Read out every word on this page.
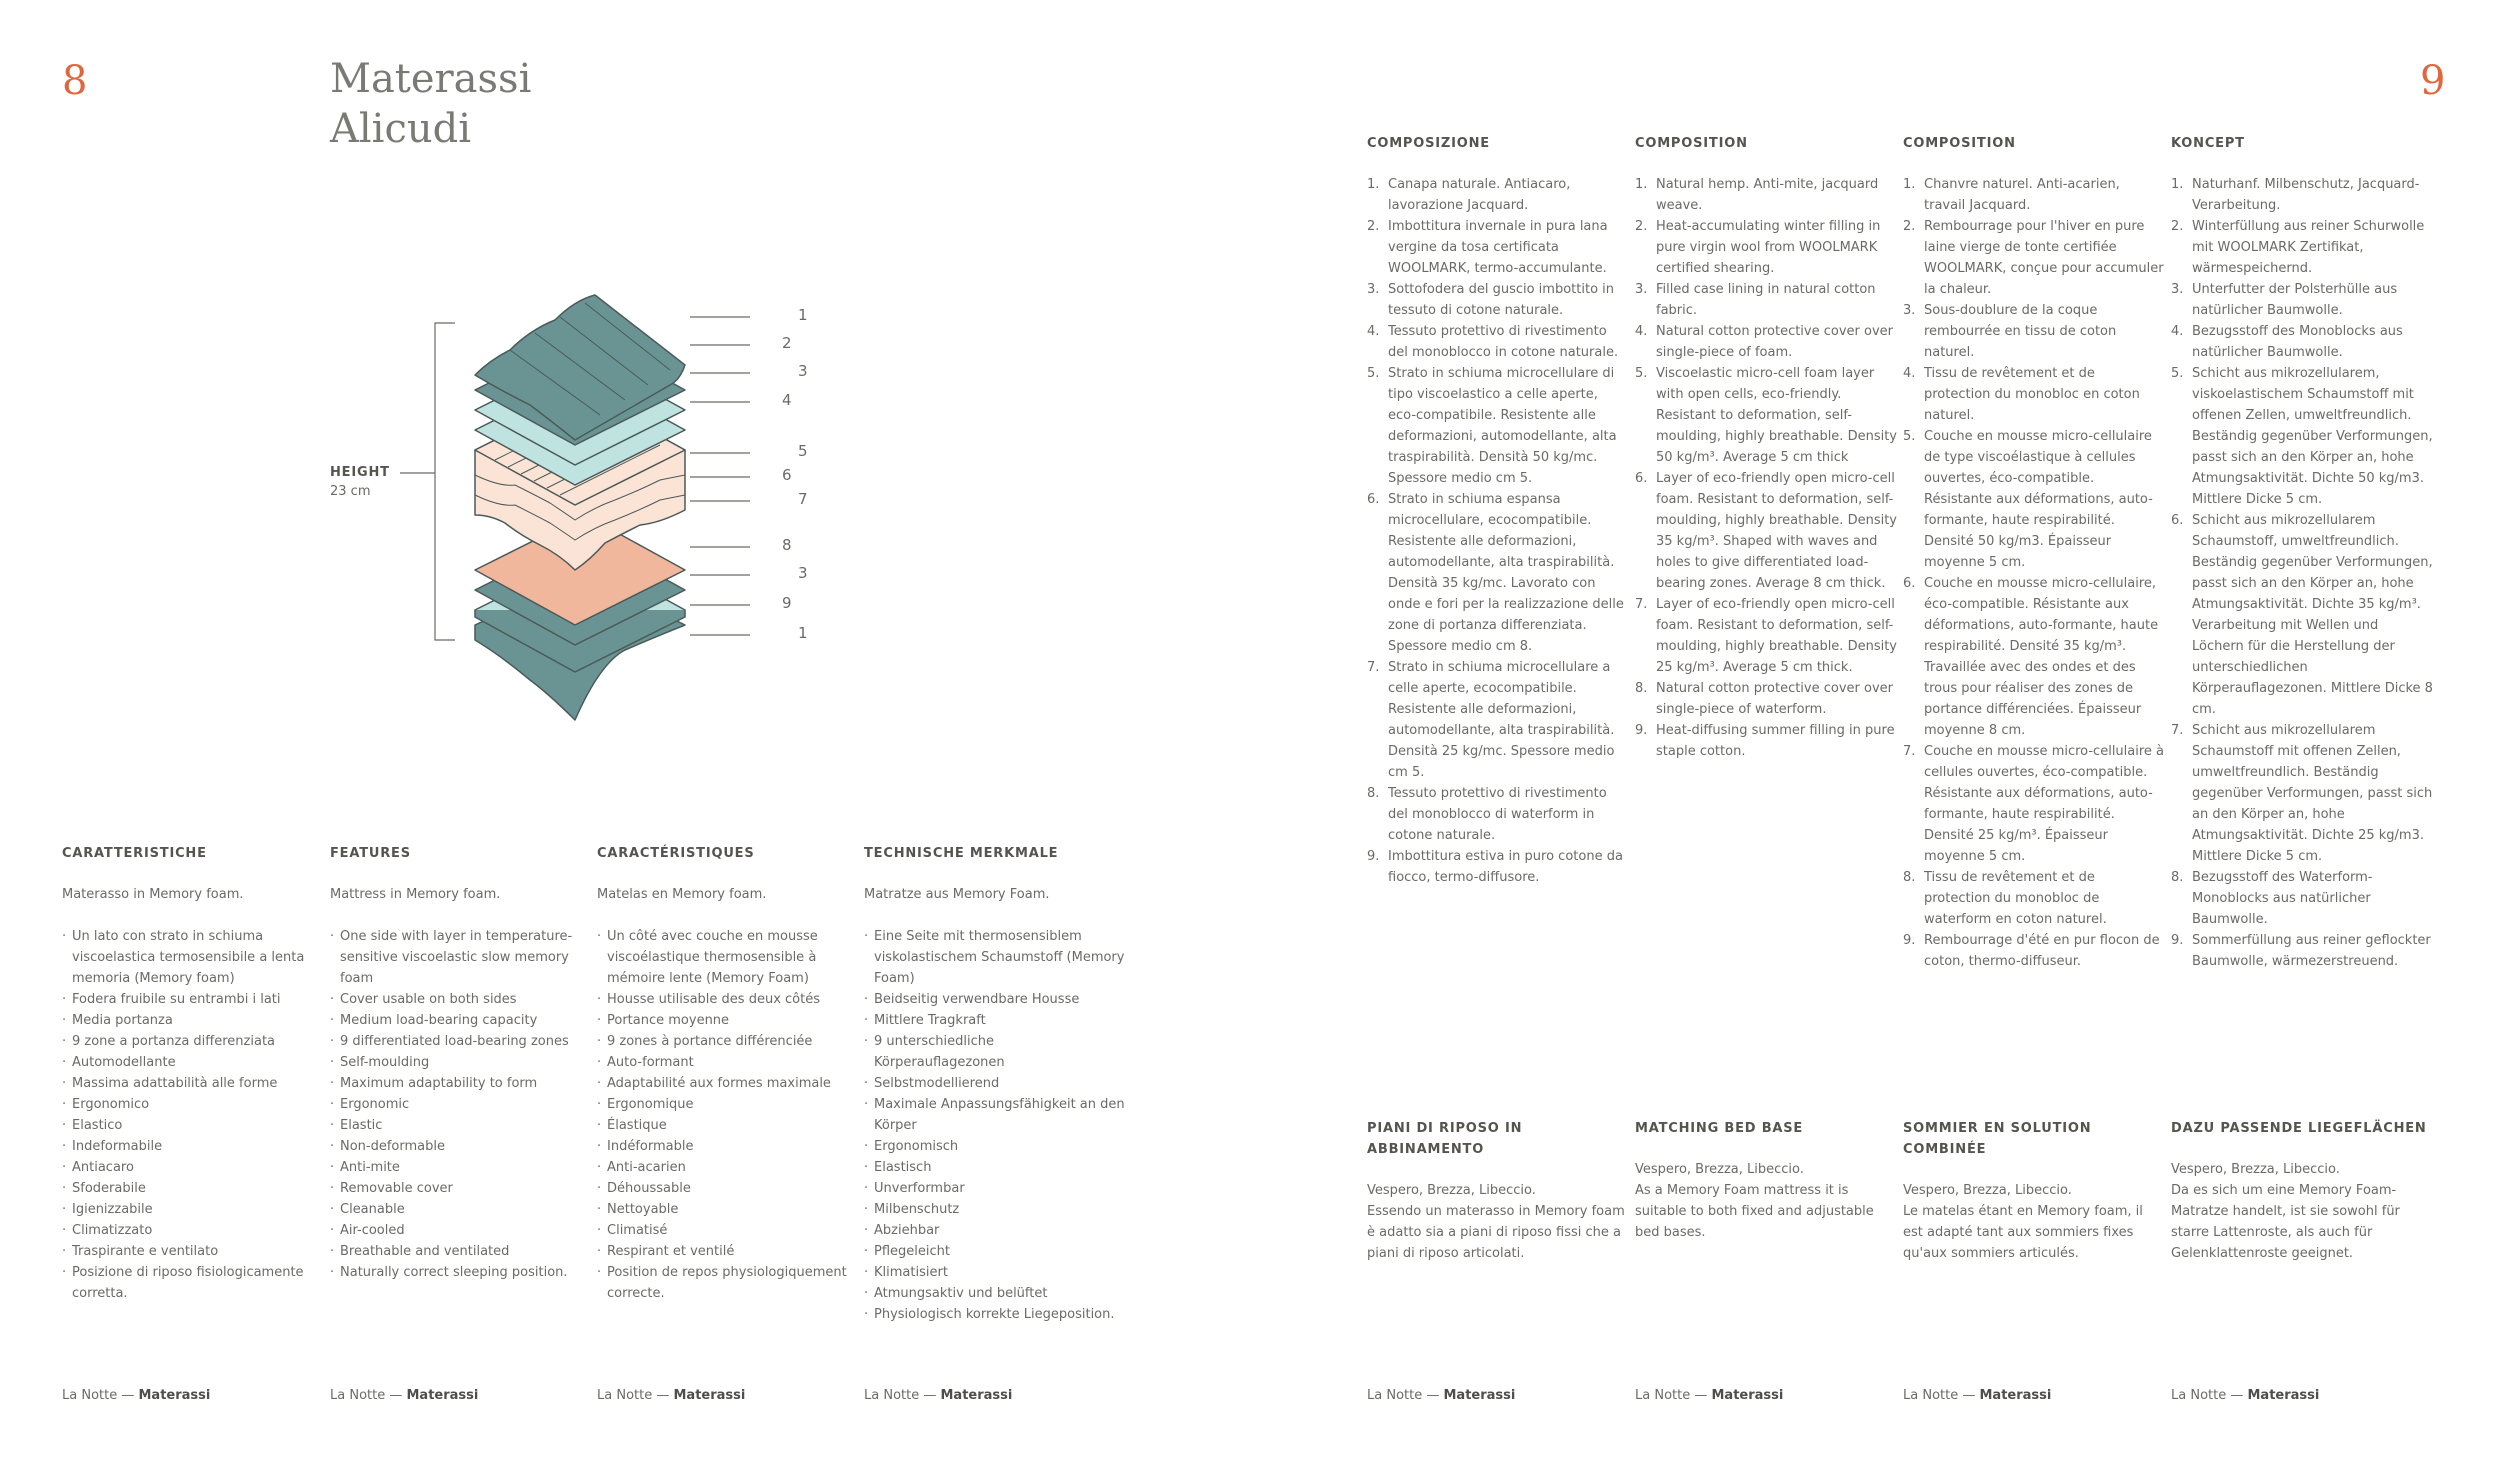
8	9
Materassi
Alicudi
HEIGHT
23 cm
1
2
3
4
5
6
7
8
3
9
1
CARATTERISTICHE

Materasso in Memory foam.

· Un lato con strato in schiuma viscoelastica termosensibile a lenta memoria (Memory foam)
· Fodera fruibile su entrambi i lati
· Media portanza
· 9 zone a portanza differenziata
· Automodellante
· Massima adattabilità alle forme
· Ergonomico
· Elastico
· Indeformabile
· Antiacaro
· Sfoderabile
· Igienizzabile
· Climatizzato
· Traspirante e ventilato
· Posizione di riposo fisiologicamente corretta.
FEATURES

Mattress in Memory foam.

· One side with layer in temperature-sensitive viscoelastic slow memory foam
· Cover usable on both sides
· Medium load-bearing capacity
· 9 differentiated load-bearing zones
· Self-moulding
· Maximum adaptability to form
· Ergonomic
· Elastic
· Non-deformable
· Anti-mite
· Removable cover
· Cleanable
· Air-cooled
· Breathable and ventilated
· Naturally correct sleeping position.
CARACTÉRISTIQUES

Matelas en Memory foam.

· Un côté avec couche en mousse viscoélastique thermosensible à mémoire lente (Memory Foam)
· Housse utilisable des deux côtés
· Portance moyenne
· 9 zones à portance différenciée
· Auto-formant
· Adaptabilité aux formes maximale
· Ergonomique
· Élastique
· Indéformable
· Anti-acarien
· Déhoussable
· Nettoyable
· Climatisé
· Respirant et ventilé
· Position de repos physiologiquement correcte.
TECHNISCHE MERKMALE

Matratze aus Memory Foam.

· Eine Seite mit thermosensiblem viskolastischem Schaumstoff (Memory Foam)
· Beidseitig verwendbare Housse
· Mittlere Tragkraft
· 9 unterschiedliche Körperauflagezonen
· Selbstmodellierend
· Maximale Anpassungsfähigkeit an den Körper
· Ergonomisch
· Elastisch
· Unverformbar
· Milbenschutz
· Abziehbar
· Pflegeleicht
· Klimatisiert
· Atmungsaktiv und belüftet
· Physiologisch korrekte Liegeposition.
COMPOSIZIONE
1. Canapa naturale. Antiacaro, lavorazione Jacquard.
2. Imbottitura invernale in pura lana vergine da tosa certificata WOOLMARK, termo-accumulante.
3. Sottofodera del guscio imbottito in tessuto di cotone naturale.
4. Tessuto protettivo di rivestimento del monoblocco in cotone naturale.
5. Strato in schiuma microcellulare di tipo viscoelastico a celle aperte, eco-compatibile. Resistente alle deformazioni, automodellante, alta traspirabilità. Densità 50 kg/mc. Spessore medio cm 5.
6. Strato in schiuma espansa microcellulare, ecocompatibile. Resistente alle deformazioni, automodellante, alta traspirabilità. Densità 35 kg/mc. Lavorato con onde e fori per la realizzazione delle zone di portanza differenziata. Spessore medio cm 8.
7. Strato in schiuma microcellulare a celle aperte, ecocompatibile. Resistente alle deformazioni, automodellante, alta traspirabilità. Densità 25 kg/mc. Spessore medio cm 5.
8. Tessuto protettivo di rivestimento del monoblocco di waterform in cotone naturale.
9. Imbottitura estiva in puro cotone da fiocco, termo-diffusore.
COMPOSITION
1. Natural hemp. Anti-mite, jacquard weave.
2. Heat-accumulating winter filling in pure virgin wool from WOOLMARK certified shearing.
3. Filled case lining in natural cotton fabric.
4. Natural cotton protective cover over single-piece of foam.
5. Viscoelastic micro-cell foam layer with open cells, eco-friendly. Resistant to deformation, self-moulding, highly breathable. Density 50 kg/m³. Average 5 cm thick
6. Layer of eco-friendly open micro-cell foam. Resistant to deformation, self-moulding, highly breathable. Density 35 kg/m³. Shaped with waves and holes to give differentiated load-bearing zones. Average 8 cm thick.
7. Layer of eco-friendly open micro-cell foam. Resistant to deformation, self-moulding, highly breathable. Density 25 kg/m³. Average 5 cm thick.
8. Natural cotton protective cover over single-piece of waterform.
9. Heat-diffusing summer filling in pure staple cotton.
COMPOSITION
1. Chanvre naturel. Anti-acarien, travail Jacquard.
2. Rembourrage pour l'hiver en pure laine vierge de tonte certifiée WOOLMARK, conçue pour accumuler la chaleur.
3. Sous-doublure de la coque rembourrée en tissu de coton naturel.
4. Tissu de revêtement et de protection du monobloc en coton naturel.
5. Couche en mousse micro-cellulaire de type viscoélastique à cellules ouvertes, éco-compatible. Résistante aux déformations, auto-formante, haute respirabilité. Densité 50 kg/m3. Épaisseur moyenne 5 cm.
6. Couche en mousse micro-cellulaire, éco-compatible. Résistante aux déformations, auto-formante, haute respirabilité. Densité 35 kg/m³. Travaillée avec des ondes et des trous pour réaliser des zones de portance différenciées. Épaisseur moyenne 8 cm.
7. Couche en mousse micro-cellulaire à cellules ouvertes, éco-compatible. Résistante aux déformations, auto-formante, haute respirabilité. Densité 25 kg/m³. Épaisseur moyenne 5 cm.
8. Tissu de revêtement et de protection du monobloc de waterform en coton naturel.
9. Rembourrage d'été en pur flocon de coton, thermo-diffuseur.
KONCEPT
1. Naturhanf. Milbenschutz, Jacquard-Verarbeitung.
2. Winterfüllung aus reiner Schurwolle mit WOOLMARK Zertifikat, wärmespeichernd.
3. Unterfutter der Polsterhülle aus natürlicher Baumwolle.
4. Bezugsstoff des Monoblocks aus natürlicher Baumwolle.
5. Schicht aus mikrozellularem, viskoelastischem Schaumstoff mit offenen Zellen, umweltfreundlich. Beständig gegenüber Verformungen, passt sich an den Körper an, hohe Atmungsaktivität. Dichte 50 kg/m3. Mittlere Dicke 5 cm.
6. Schicht aus mikrozellularem Schaumstoff, umweltfreundlich. Beständig gegenüber Verformungen, passt sich an den Körper an, hohe Atmungsaktivität. Dichte 35 kg/m³. Verarbeitung mit Wellen und Löchern für die Herstellung der unterschiedlichen Körperauflagezonen. Mittlere Dicke 8 cm.
7. Schicht aus mikrozellularem Schaumstoff mit offenen Zellen, umweltfreundlich. Beständig gegenüber Verformungen, passt sich an den Körper an, hohe Atmungsaktivität. Dichte 25 kg/m3. Mittlere Dicke 5 cm.
8. Bezugsstoff des Waterform-Monoblocks aus natürlicher Baumwolle.
9. Sommerfüllung aus reiner geflockter Baumwolle, wärmezerstreuend.
PIANI DI RIPOSO IN ABBINAMENTO

Vespero, Brezza, Libeccio.

Essendo un materasso in Memory foam è adatto sia a piani di riposo fissi che a piani di riposo articolati.

MATCHING BED BASE

Vespero, Brezza, Libeccio.

As a Memory Foam mattress it is suitable to both fixed and adjustable bed bases.

SOMMIER EN SOLUTION COMBINÉE

Vespero, Brezza, Libeccio.

Le matelas étant en Memory foam, il est adapté tant aux sommiers fixes qu'aux sommiers articulés.

DAZU PASSENDE LIEGEFLÄCHEN

Vespero, Brezza, Libeccio.

Da es sich um eine Memory Foam-Matratze handelt, ist sie sowohl für starre Lattenroste, als auch für Gelenklattenroste geeignet.

La Notte — Materassi	La Notte — Materassi	La Notte — Materassi	La Notte — Materassi	La Notte — Materassi	La Notte — Materassi	La Notte — Materassi	La Notte — Materassi
